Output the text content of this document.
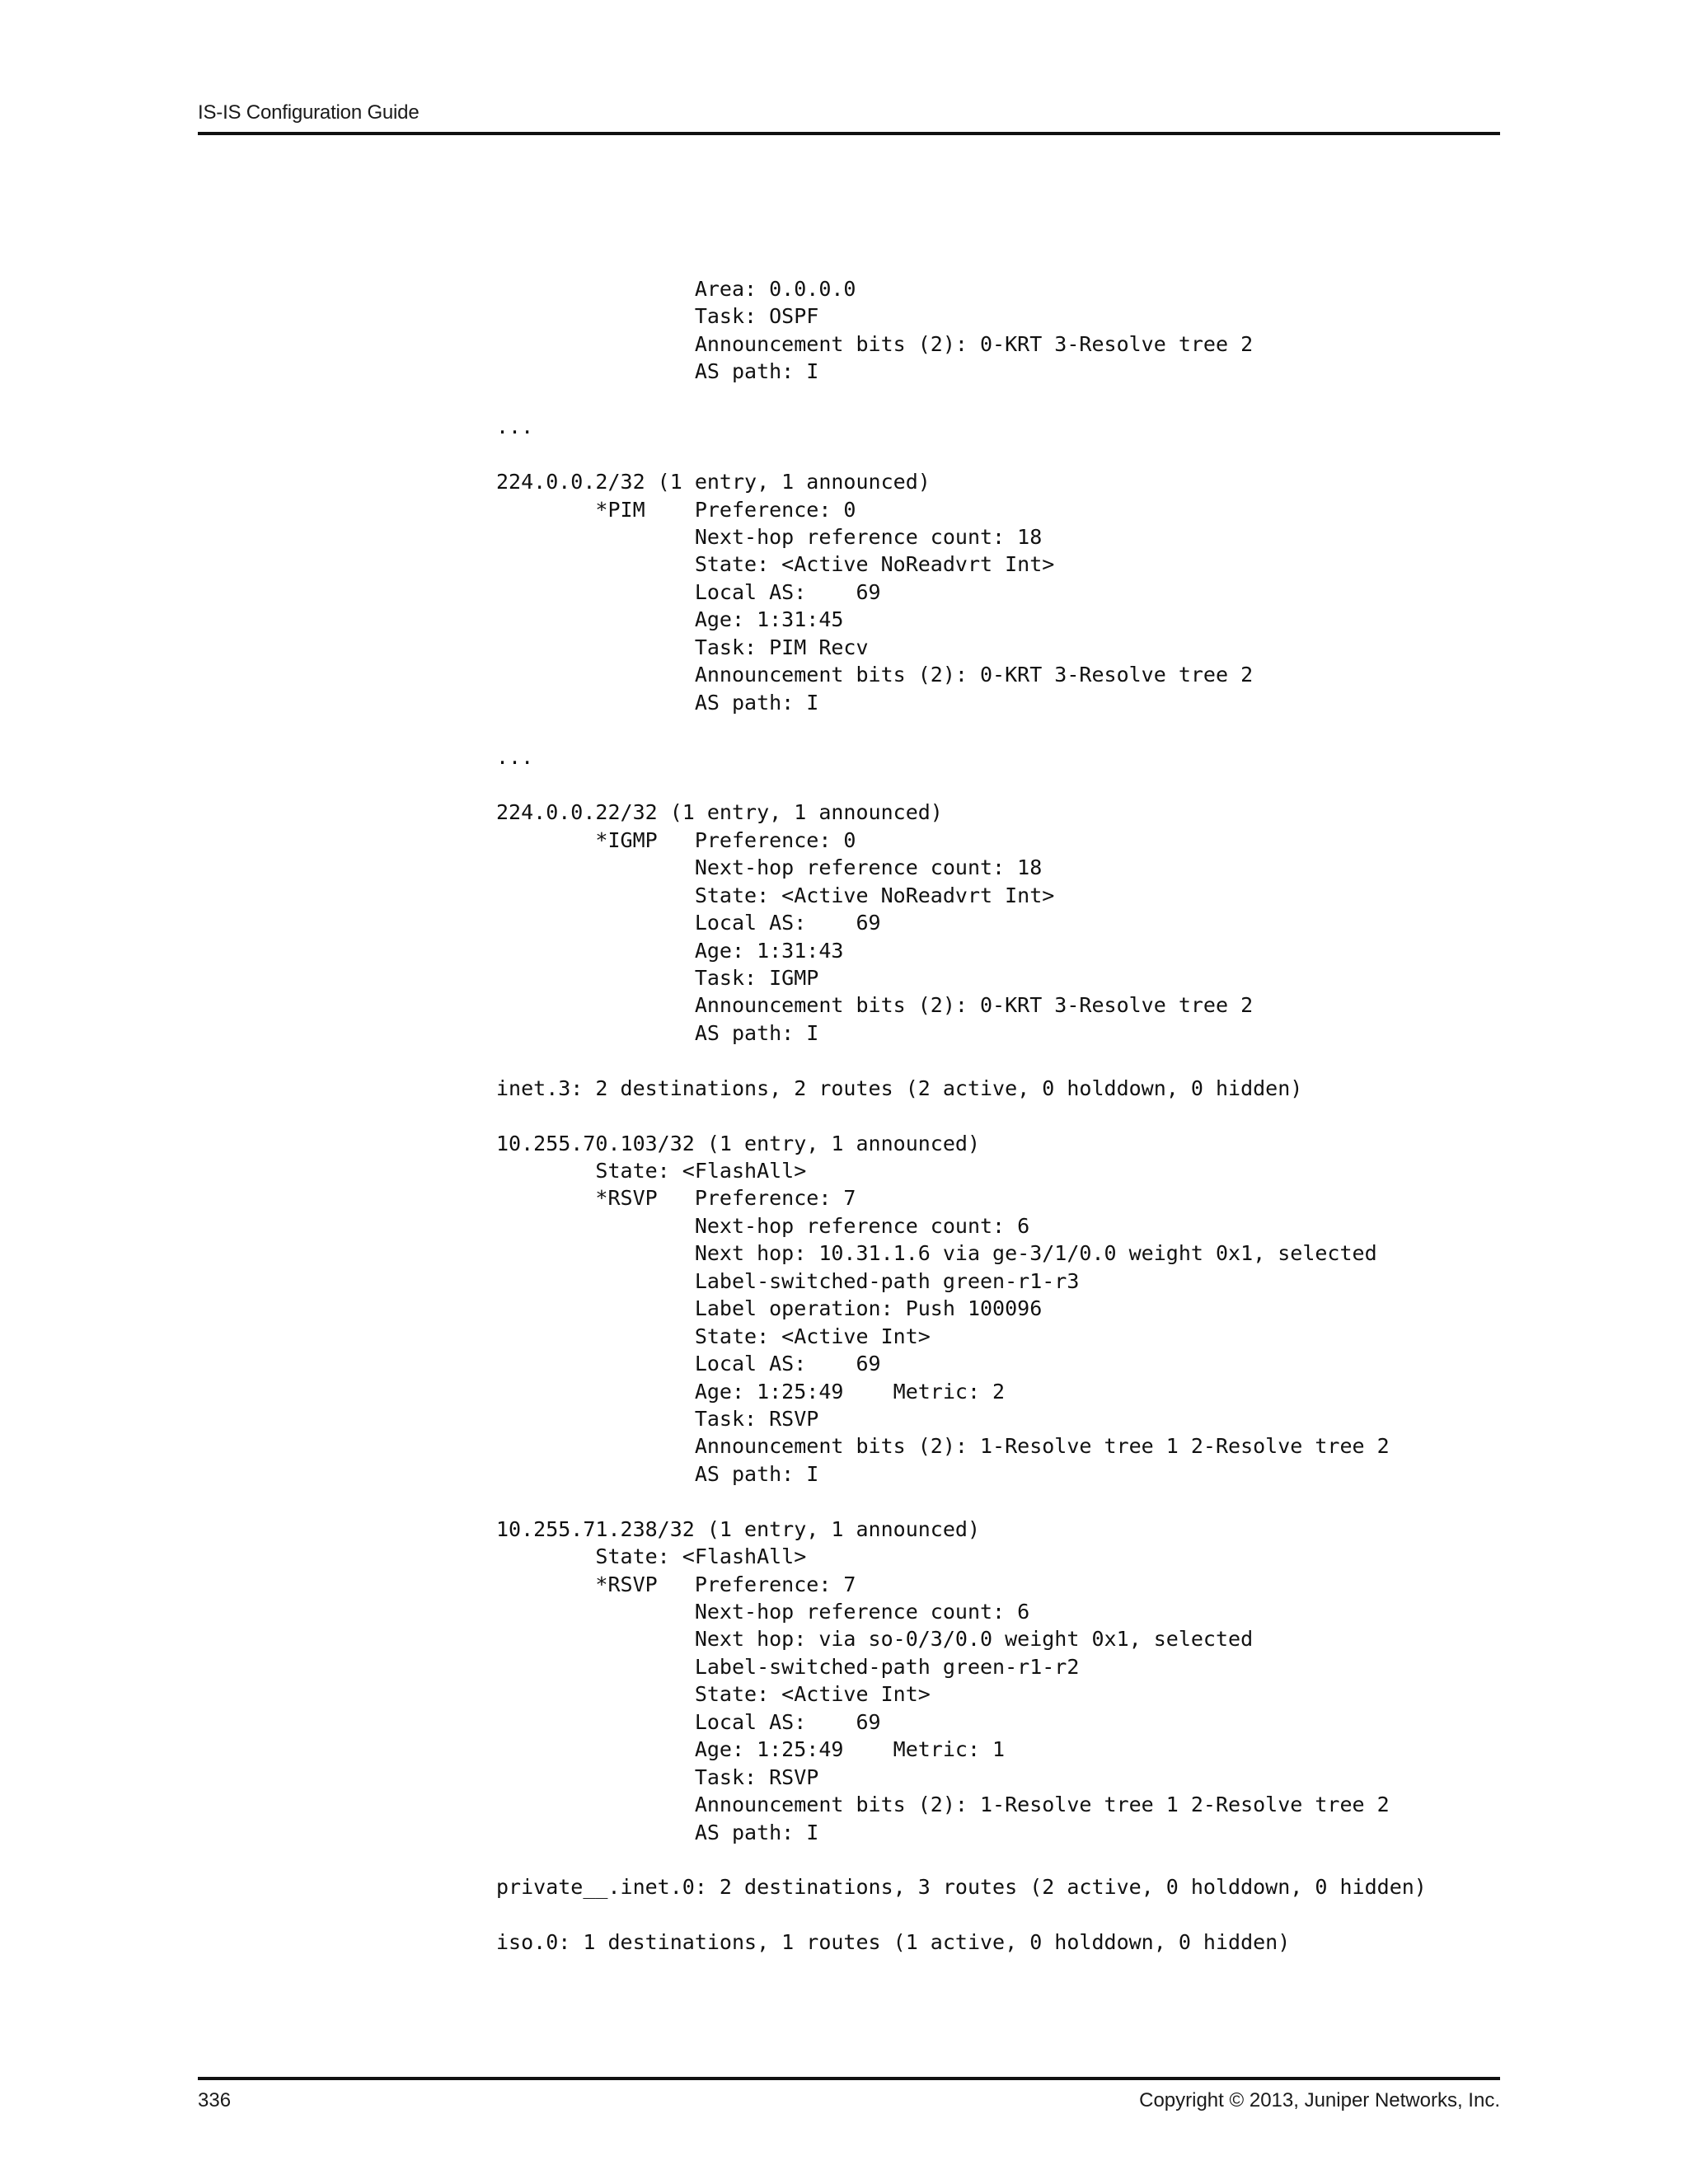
IS-IS Configuration Guide
Area: 0.0.0.0
Task: OSPF
Announcement bits (2): 0-KRT 3-Resolve tree 2
AS path: I
...
224.0.0.2/32 (1 entry, 1 announced)
*PIM    Preference: 0
Next-hop reference count: 18
State: <Active NoReadvrt Int>
Local AS:    69
Age: 1:31:45
Task: PIM Recv
Announcement bits (2): 0-KRT 3-Resolve tree 2
AS path: I
...
224.0.0.22/32 (1 entry, 1 announced)
*IGMP   Preference: 0
Next-hop reference count: 18
State: <Active NoReadvrt Int>
Local AS:    69
Age: 1:31:43
Task: IGMP
Announcement bits (2): 0-KRT 3-Resolve tree 2
AS path: I
inet.3: 2 destinations, 2 routes (2 active, 0 holddown, 0 hidden)
10.255.70.103/32 (1 entry, 1 announced)
State: <FlashAll>
*RSVP   Preference: 7
Next-hop reference count: 6
Next hop: 10.31.1.6 via ge-3/1/0.0 weight 0x1, selected
Label-switched-path green-r1-r3
Label operation: Push 100096
State: <Active Int>
Local AS:    69
Age: 1:25:49    Metric: 2
Task: RSVP
Announcement bits (2): 1-Resolve tree 1 2-Resolve tree 2
AS path: I
10.255.71.238/32 (1 entry, 1 announced)
State: <FlashAll>
*RSVP   Preference: 7
Next-hop reference count: 6
Next hop: via so-0/3/0.0 weight 0x1, selected
Label-switched-path green-r1-r2
State: <Active Int>
Local AS:    69
Age: 1:25:49    Metric: 1
Task: RSVP
Announcement bits (2): 1-Resolve tree 1 2-Resolve tree 2
AS path: I
private__.inet.0: 2 destinations, 3 routes (2 active, 0 holddown, 0 hidden)
iso.0: 1 destinations, 1 routes (1 active, 0 holddown, 0 hidden)
336	Copyright © 2013, Juniper Networks, Inc.
